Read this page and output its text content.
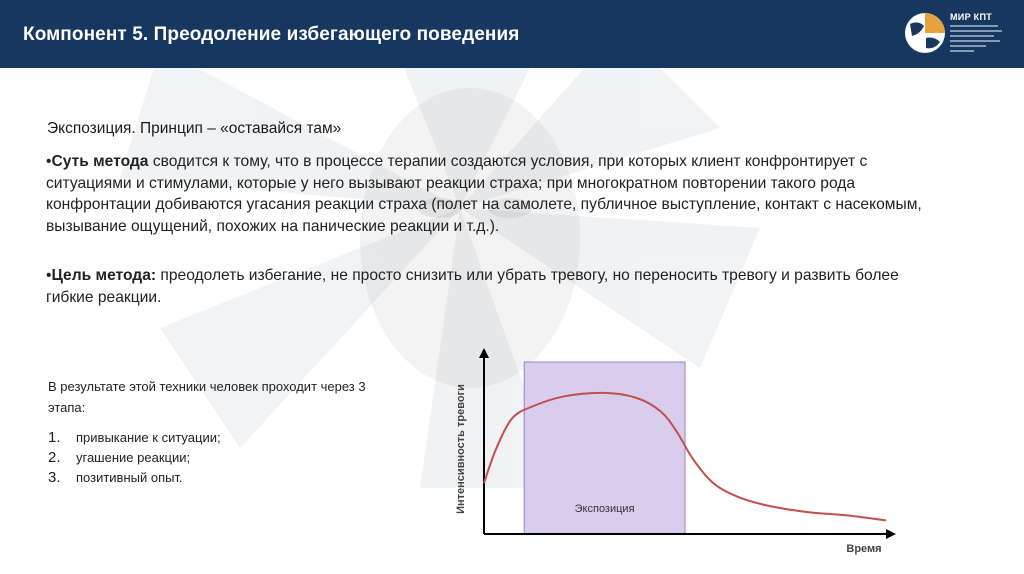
Компонент 5. Преодоление избегающего поведения
МИР КПТ
Экспозиция. Принцип – «оставайся там»
•Суть метода сводится к тому, что в процессе терапии создаются условия, при которых клиент конфронтирует с ситуациями и стимулами, которые у него вызывают реакции страха; при многократном повторении такого рода конфронтации добиваются угасания реакции страха (полет на самолете, публичное выступление, контакт с насекомым, вызывание ощущений, похожих на панические реакции и т.д.).
•Цель метода: преодолеть избегание, не просто снизить или убрать тревогу, но переносить тревогу и развить более гибкие реакции.
В результате этой техники человек проходит через 3 этапа:
1.	привыкание к ситуации;
2.	угашение реакции;
3.	позитивный опыт.
Экспозиция
Интенсивность тревоги
Время
